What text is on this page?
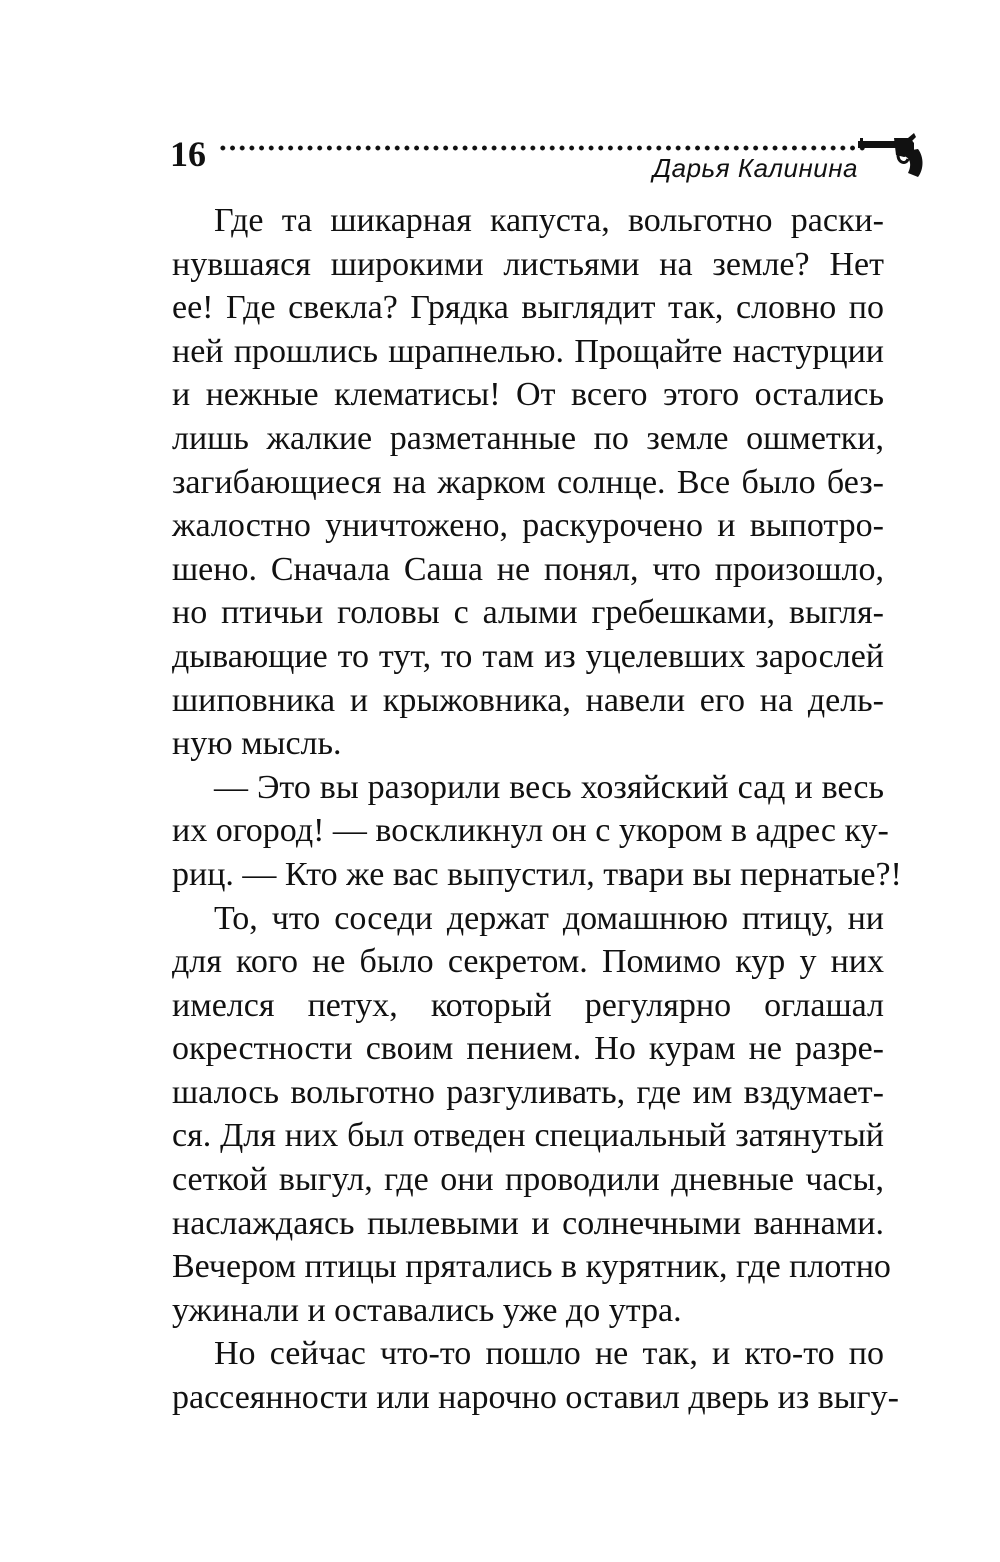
16	Дарья Калинина
Где та шикарная капуста, вольготно раски-
нувшаяся широкими листьями на земле? Нет
ее! Где свекла? Грядка выглядит так, словно по
ней прошлись шрапнелью. Прощайте настурции
и нежные клематисы! От всего этого остались
лишь жалкие разметанные по земле ошметки,
загибающиеся на жарком солнце. Все было без-
жалостно уничтожено, раскурочено и выпотро-
шено. Сначала Саша не понял, что произошло,
но птичьи головы с алыми гребешками, выгля-
дывающие то тут, то там из уцелевших зарослей
шиповника и крыжовника, навели его на дель-
ную мысль.
— Это вы разорили весь хозяйский сад и весь
их огород! — воскликнул он с укором в адрес ку-
риц. — Кто же вас выпустил, твари вы пернатые?!
То, что соседи держат домашнюю птицу, ни
для кого не было секретом. Помимо кур у них
имелся петух, который регулярно оглашал
окрестности своим пением. Но курам не разре-
шалось вольготно разгуливать, где им вздумает-
ся. Для них был отведен специальный затянутый
сеткой выгул, где они проводили дневные часы,
наслаждаясь пылевыми и солнечными ваннами.
Вечером птицы прятались в курятник, где плотно
ужинали и оставались уже до утра.
Но сейчас что-то пошло не так, и кто-то по
рассеянности или нарочно оставил дверь из выгу-
